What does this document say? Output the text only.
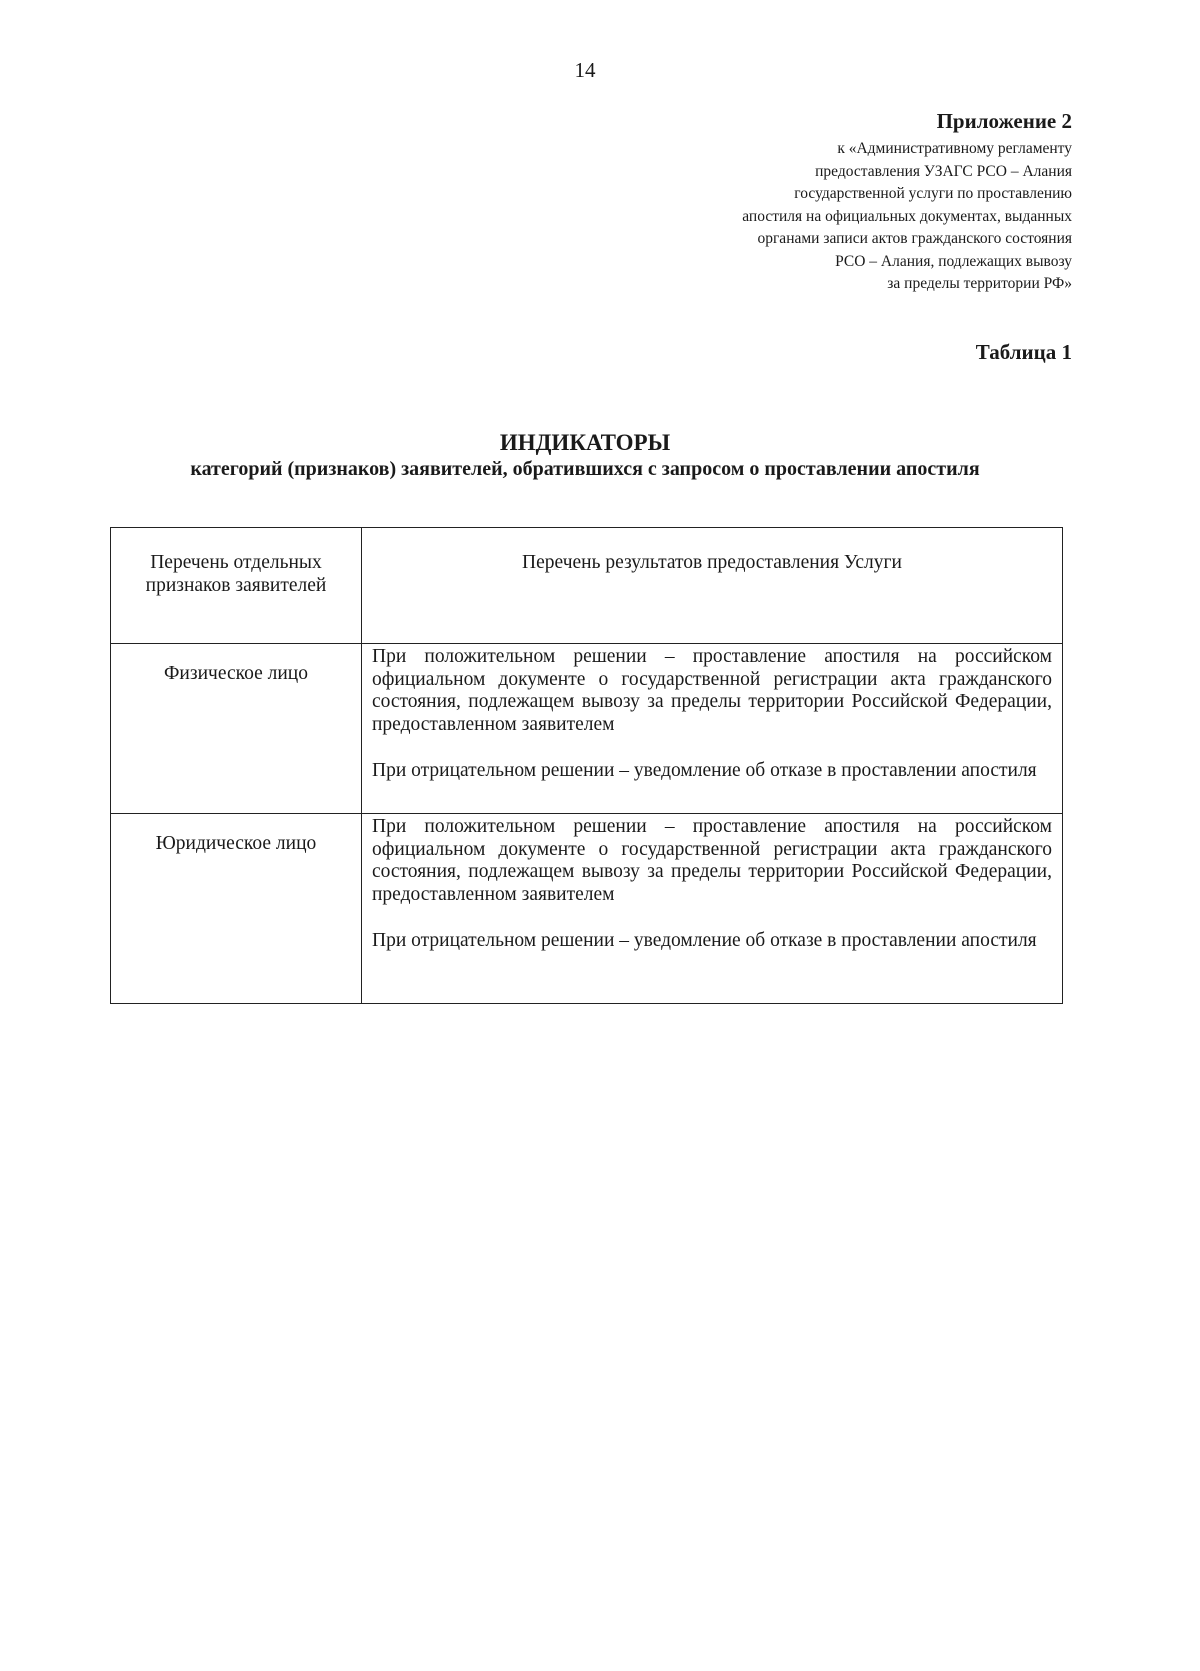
14
Приложение 2
к «Административному регламенту
предоставления УЗАГС РСО – Алания
государственной услуги по проставлению
апостиля на официальных документах, выданных
органами записи актов гражданского состояния
РСО – Алания, подлежащих вывозу
за пределы территории РФ»
Таблица 1
ИНДИКАТОРЫ
категорий (признаков) заявителей, обратившихся с запросом о проставлении апостиля
Перечень отдельных признаков заявителей	Перечень результатов предоставления Услуги
Физическое лицо	При положительном решении – проставление апостиля на российском официальном документе о государственной регистрации акта гражданского состояния, подлежащем вывозу за пределы территории Российской Федерации, предоставленном заявителем

При отрицательном решении – уведомление об отказе в проставлении апостиля

Юридическое лицо	При положительном решении – проставление апостиля на российском официальном документе о государственной регистрации акта гражданского состояния, подлежащем вывозу за пределы территории Российской Федерации, предоставленном заявителем

При отрицательном решении – уведомление об отказе в проставлении апостиля
